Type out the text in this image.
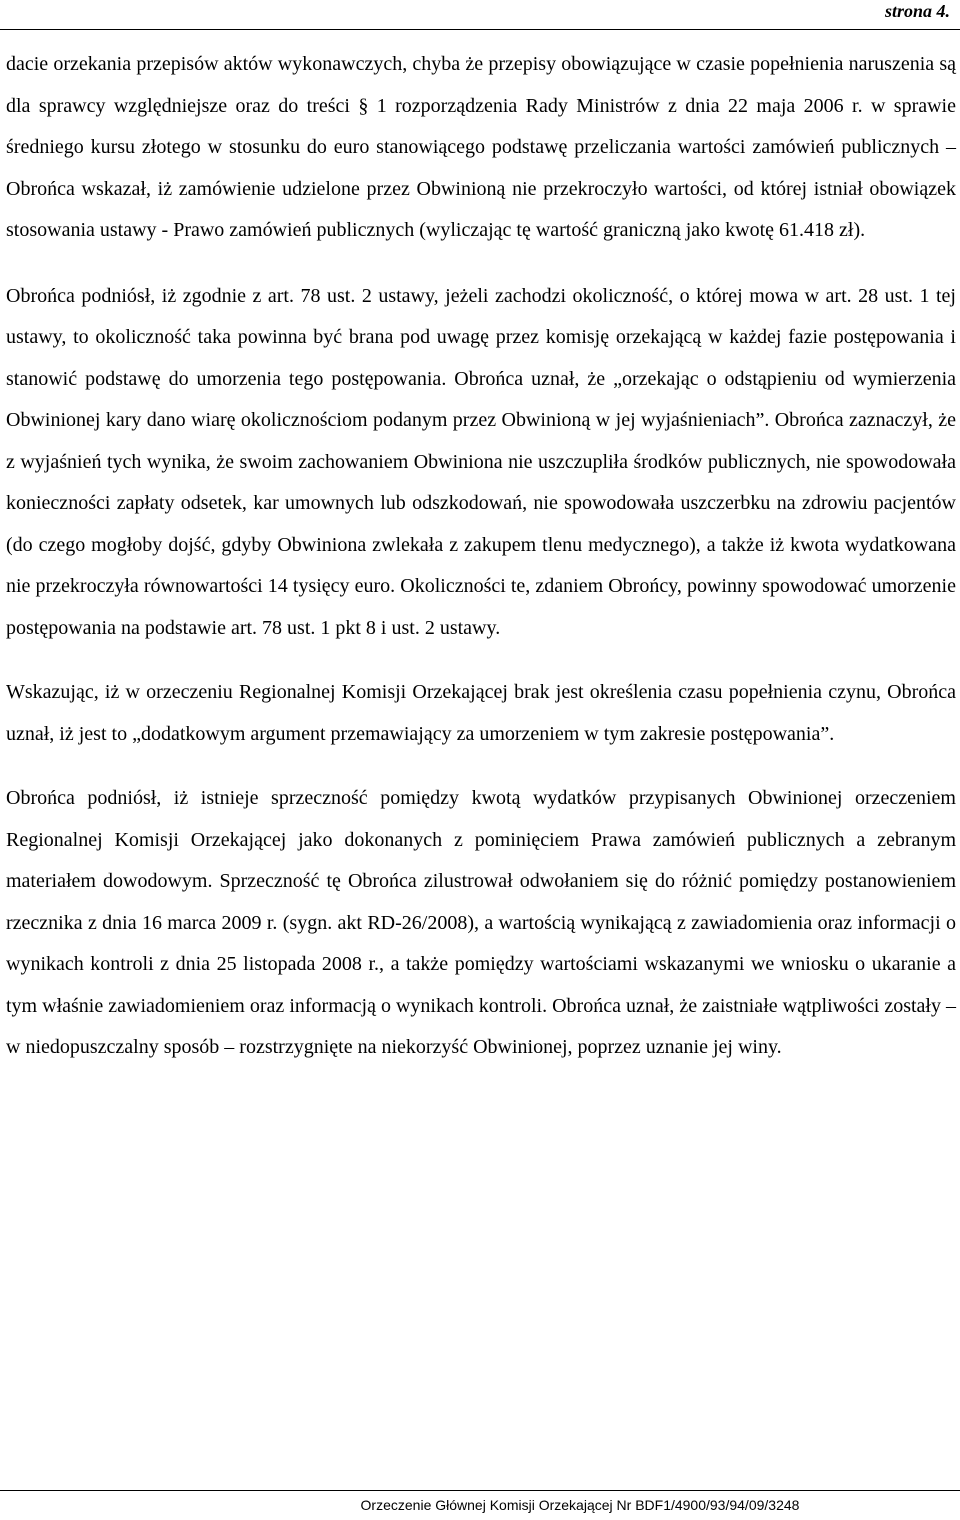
strona 4.

dacie orzekania przepisów aktów wykonawczych, chyba że przepisy obowiązujące w czasie popełnienia naruszenia są dla sprawcy względniejsze oraz do treści § 1 rozporządzenia Rady Ministrów z dnia 22 maja 2006 r. w sprawie średniego kursu złotego w stosunku do euro stanowiącego podstawę przeliczania wartości zamówień publicznych – Obrońca wskazał, iż zamówienie udzielone przez Obwinioną nie przekroczyło wartości, od której istniał obowiązek stosowania ustawy - Prawo zamówień publicznych (wyliczając tę wartość graniczną jako kwotę 61.418 zł).

Obrońca podniósł, iż zgodnie z art. 78 ust. 2 ustawy, jeżeli zachodzi okoliczność, o której mowa w art. 28 ust. 1 tej ustawy, to okoliczność taka powinna być brana pod uwagę przez komisję orzekającą w każdej fazie postępowania i stanowić podstawę do umorzenia tego postępowania. Obrońca uznał, że „orzekając o odstąpieniu od wymierzenia Obwinionej kary dano wiarę okolicznościom podanym przez Obwinioną w jej wyjaśnieniach”. Obrońca zaznaczył, że z wyjaśnień tych wynika, że swoim zachowaniem Obwiniona nie uszczupliła środków publicznych, nie spowodowała konieczności zapłaty odsetek, kar umownych lub odszkodowań, nie spowodowała uszczerbku na zdrowiu pacjentów (do czego mogłoby dojść, gdyby Obwiniona zwlekała z zakupem tlenu medycznego), a także iż kwota wydatkowana nie przekroczyła równowartości 14 tysięcy euro. Okoliczności te, zdaniem Obrońcy, powinny spowodować umorzenie postępowania na podstawie art. 78 ust. 1 pkt 8 i ust. 2 ustawy.

Wskazując, iż w orzeczeniu Regionalnej Komisji Orzekającej brak jest określenia czasu popełnienia czynu, Obrońca uznał, iż jest to „dodatkowym argument przemawiający za umorzeniem w tym zakresie postępowania”.

Obrońca podniósł, iż istnieje sprzeczność pomiędzy kwotą wydatków przypisanych Obwinionej orzeczeniem Regionalnej Komisji Orzekającej jako dokonanych z pominięciem Prawa zamówień publicznych a zebranym materiałem dowodowym. Sprzeczność tę Obrońca zilustrował odwołaniem się do różnić pomiędzy postanowieniem rzecznika z dnia 16 marca 2009 r. (sygn. akt RD-26/2008), a wartością wynikającą z zawiadomienia oraz informacji o wynikach kontroli z dnia 25 listopada 2008 r., a także pomiędzy wartościami wskazanymi we wniosku o ukaranie a tym właśnie zawiadomieniem oraz informacją o wynikach kontroli. Obrońca uznał, że zaistniałe wątpliwości zostały – w niedopuszczalny sposób – rozstrzygnięte na niekorzyść Obwinionej, poprzez uznanie jej winy.

Orzeczenie Głównej Komisji Orzekającej Nr BDF1/4900/93/94/09/3248
